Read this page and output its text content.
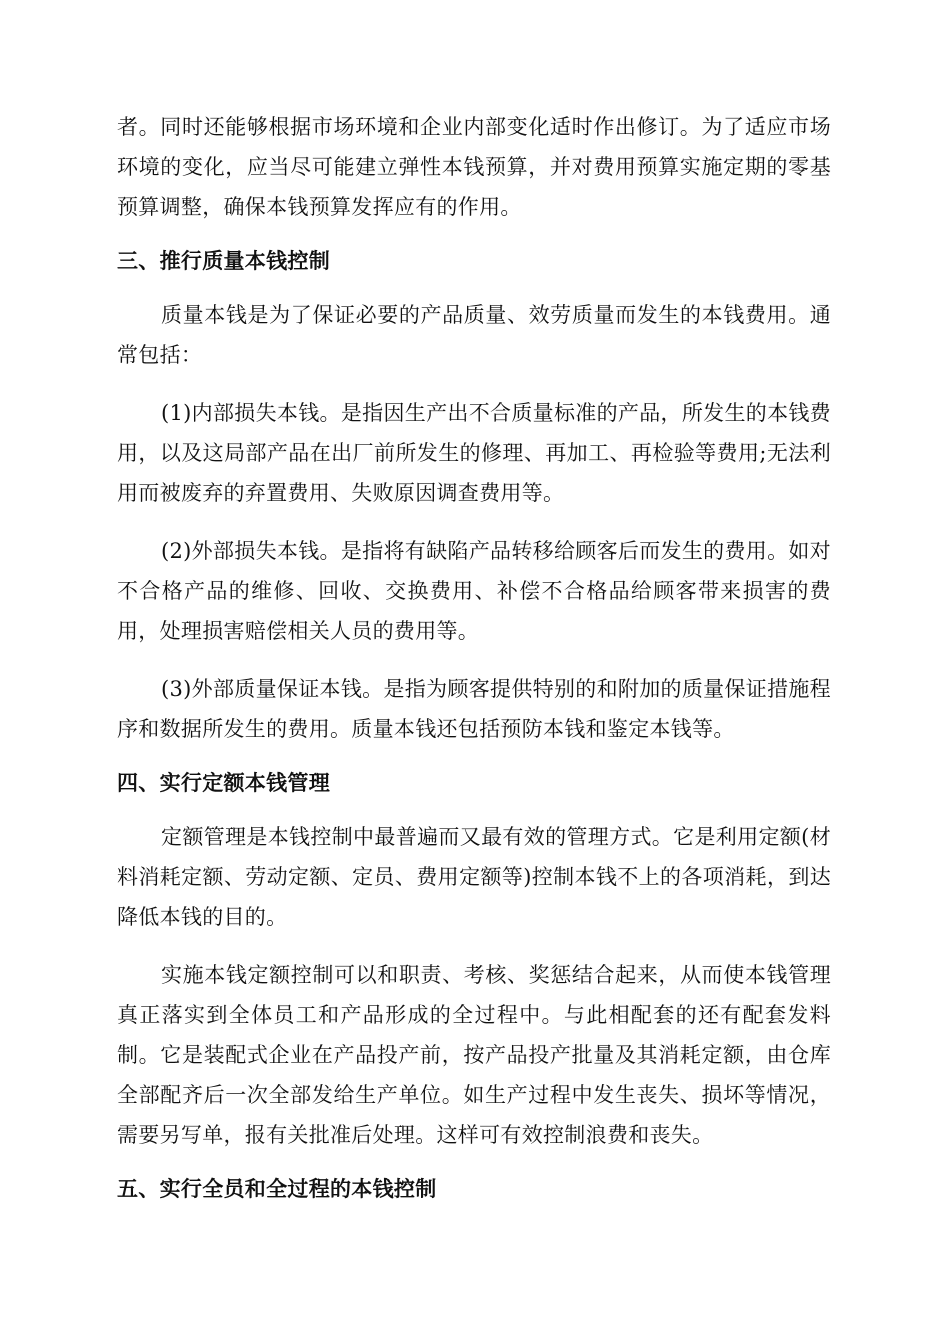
者。同时还能够根据市场环境和企业内部变化适时作出修订。为了适应市场环境的变化，应当尽可能建立弹性本钱预算，并对费用预算实施定期的零基预算调整，确保本钱预算发挥应有的作用。

三、推行质量本钱控制

质量本钱是为了保证必要的产品质量、效劳质量而发生的本钱费用。通常包括：

(1)内部损失本钱。是指因生产出不合质量标准的产品，所发生的本钱费用，以及这局部产品在出厂前所发生的修理、再加工、再检验等费用;无法利用而被废弃的弃置费用、失败原因调查费用等。

(2)外部损失本钱。是指将有缺陷产品转移给顾客后而发生的费用。如对不合格产品的维修、回收、交换费用、补偿不合格品给顾客带来损害的费用，处理损害赔偿相关人员的费用等。

(3)外部质量保证本钱。是指为顾客提供特别的和附加的质量保证措施程序和数据所发生的费用。质量本钱还包括预防本钱和鉴定本钱等。

四、实行定额本钱管理

定额管理是本钱控制中最普遍而又最有效的管理方式。它是利用定额(材料消耗定额、劳动定额、定员、费用定额等)控制本钱不上的各项消耗，到达降低本钱的目的。

实施本钱定额控制可以和职责、考核、奖惩结合起来，从而使本钱管理真正落实到全体员工和产品形成的全过程中。与此相配套的还有配套发料制。它是装配式企业在产品投产前，按产品投产批量及其消耗定额，由仓库全部配齐后一次全部发给生产单位。如生产过程中发生丧失、损坏等情况，需要另写单，报有关批准后处理。这样可有效控制浪费和丧失。

五、实行全员和全过程的本钱控制
